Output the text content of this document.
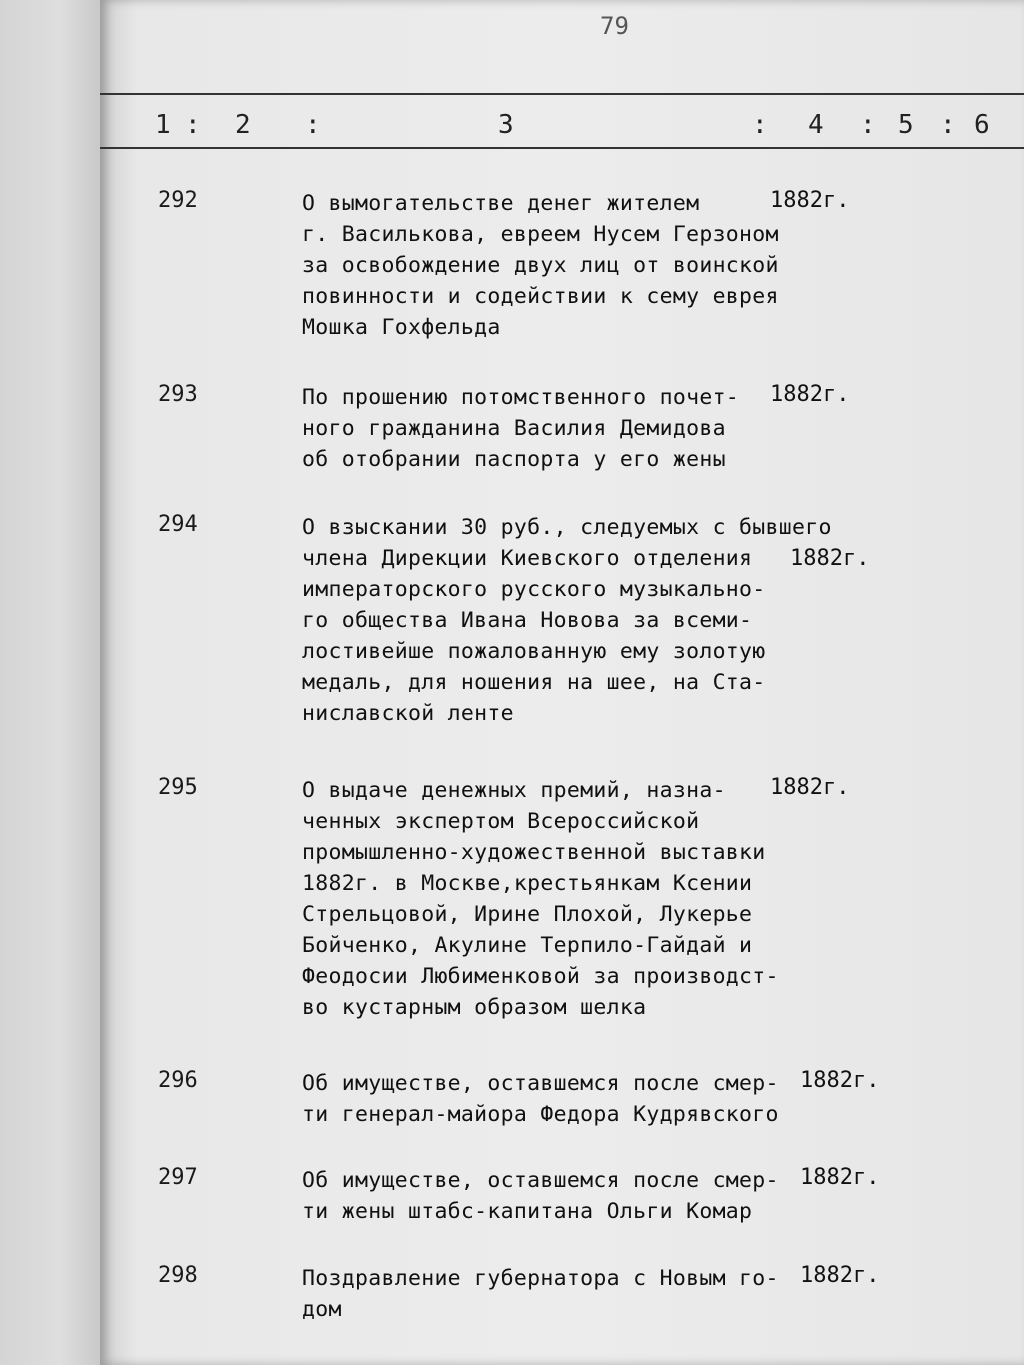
79
1 : 2 :	3	: 4 : 5 : 6
292	О вымогательстве денег жителем
г. Василькова, евреем Нусем Герзоном
за освобождение двух лиц от воинской
повинности и содействии к сему еврея
Мошка Гохфельда
1882г.
293	По прошению потомственного почет-
ного гражданина Василия Демидова
об отобрании паспорта у его жены
1882г.
294	О взыскании 30 руб., следуемых с бывшего
члена Дирекции Киевского отделения
императорского русского музыкально-
го общества Ивана Новова за всеми-
лостивейше пожалованную ему золотую
медаль, для ношения на шее, на Ста-
ниславской ленте
1882г.
295	О выдаче денежных премий, назна-
ченных экспертом Всероссийской
промышленно-художественной выставки
1882г. в Москве,крестьянкам Ксении
Стрельцовой, Ирине Плохой, Лукерье
Бойченко, Акулине Терпило-Гайдай и
Феодосии Любименковой за производст-
во кустарным образом шелка
1882г.
296	Об имуществе, оставшемся после смер-
ти генерал-майора Федора Кудрявского
1882г.
297	Об имуществе, оставшемся после смер-
ти жены штабс-капитана Ольги Комар
1882г.
298	Поздравление губернатора с Новым го-
дом
1882г.
